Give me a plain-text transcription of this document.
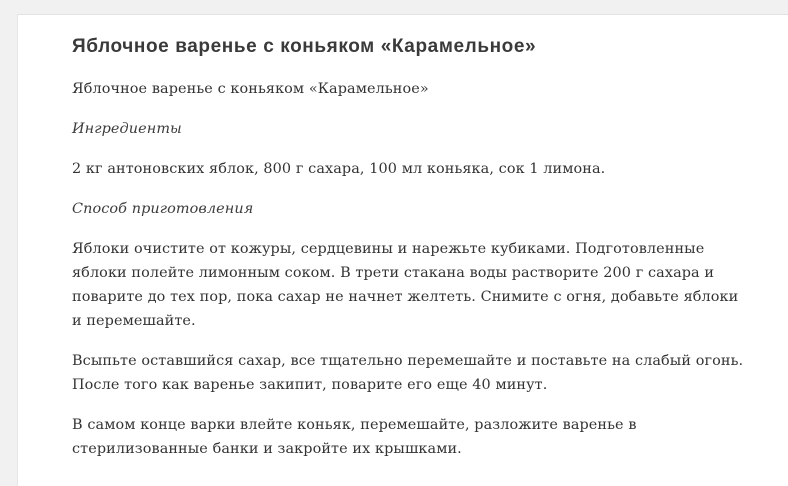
Яблочное варенье с коньяком «Карамельное»

Яблочное варенье с коньяком «Карамельное»

Ингредиенты

2 кг антоновских яблок, 800 г сахара, 100 мл коньяка, сок 1 лимона.

Способ приготовления

Яблоки очистите от кожуры, сердцевины и нарежьте кубиками. Подготовленные яблоки полейте лимонным соком. В трети стакана воды растворите 200 г сахара и поварите до тех пор, пока сахар не начнет желтеть. Снимите с огня, добавьте яблоки и перемешайте.

Всыпьте оставшийся сахар, все тщательно перемешайте и поставьте на слабый огонь. После того как варенье закипит, поварите его еще 40 минут.

В самом конце варки влейте коньяк, перемешайте, разложите варенье в стерилизованные банки и закройте их крышками.
